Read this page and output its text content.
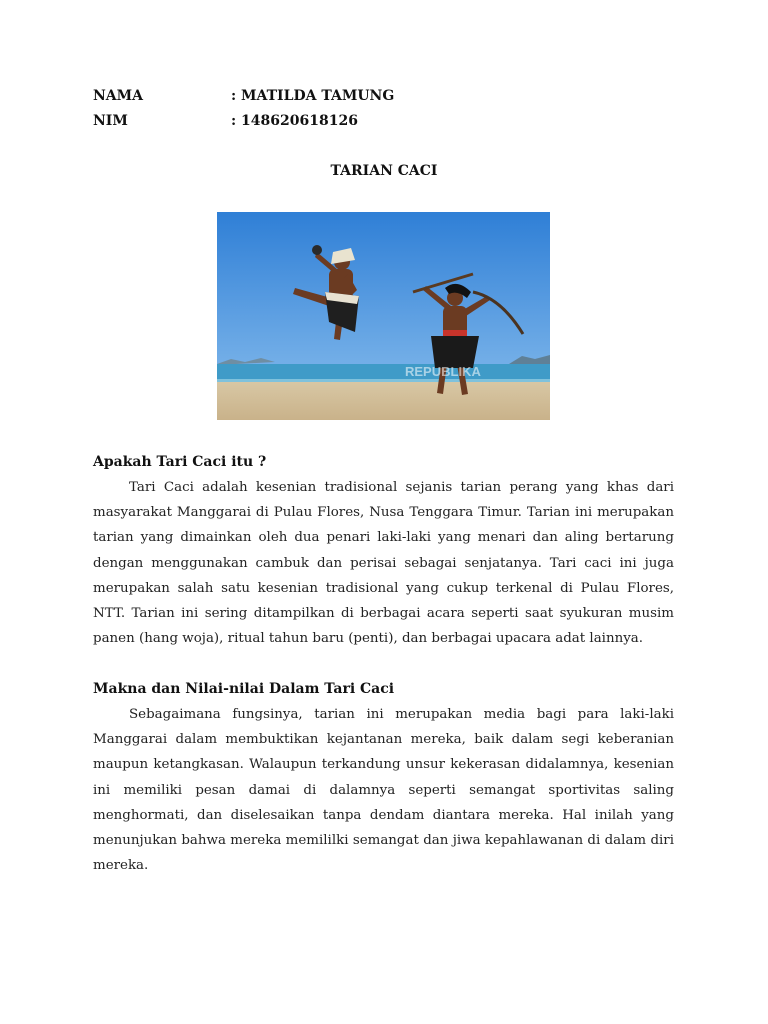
NAMA	: MATILDA TAMUNG
NIM	: 148620618126
TARIAN CACI
REPUBLIKA
Apakah Tari Caci itu ?

Tari Caci adalah kesenian tradisional sejanis tarian perang yang khas dari masyarakat Manggarai di Pulau Flores, Nusa Tenggara Timur. Tarian ini merupakan tarian yang dimainkan oleh dua penari laki-laki yang menari dan aling bertarung dengan menggunakan cambuk dan perisai sebagai senjatanya. Tari caci ini juga merupakan salah satu kesenian tradisional yang cukup terkenal di Pulau Flores, NTT. Tarian ini sering ditampilkan di berbagai acara seperti saat syukuran musim panen (hang woja), ritual tahun baru (penti), dan berbagai upacara adat lainnya.

Makna dan Nilai-nilai Dalam Tari Caci

Sebagaimana fungsinya, tarian ini merupakan media bagi para laki-laki Manggarai dalam membuktikan kejantanan mereka, baik dalam segi keberanian maupun ketangkasan. Walaupun terkandung unsur kekerasan didalamnya, kesenian ini memiliki pesan damai di dalamnya seperti semangat sportivitas saling menghormati, dan diselesaikan tanpa dendam diantara mereka. Hal inilah yang menunjukan bahwa mereka memililki semangat dan jiwa kepahlawanan di dalam diri mereka.
